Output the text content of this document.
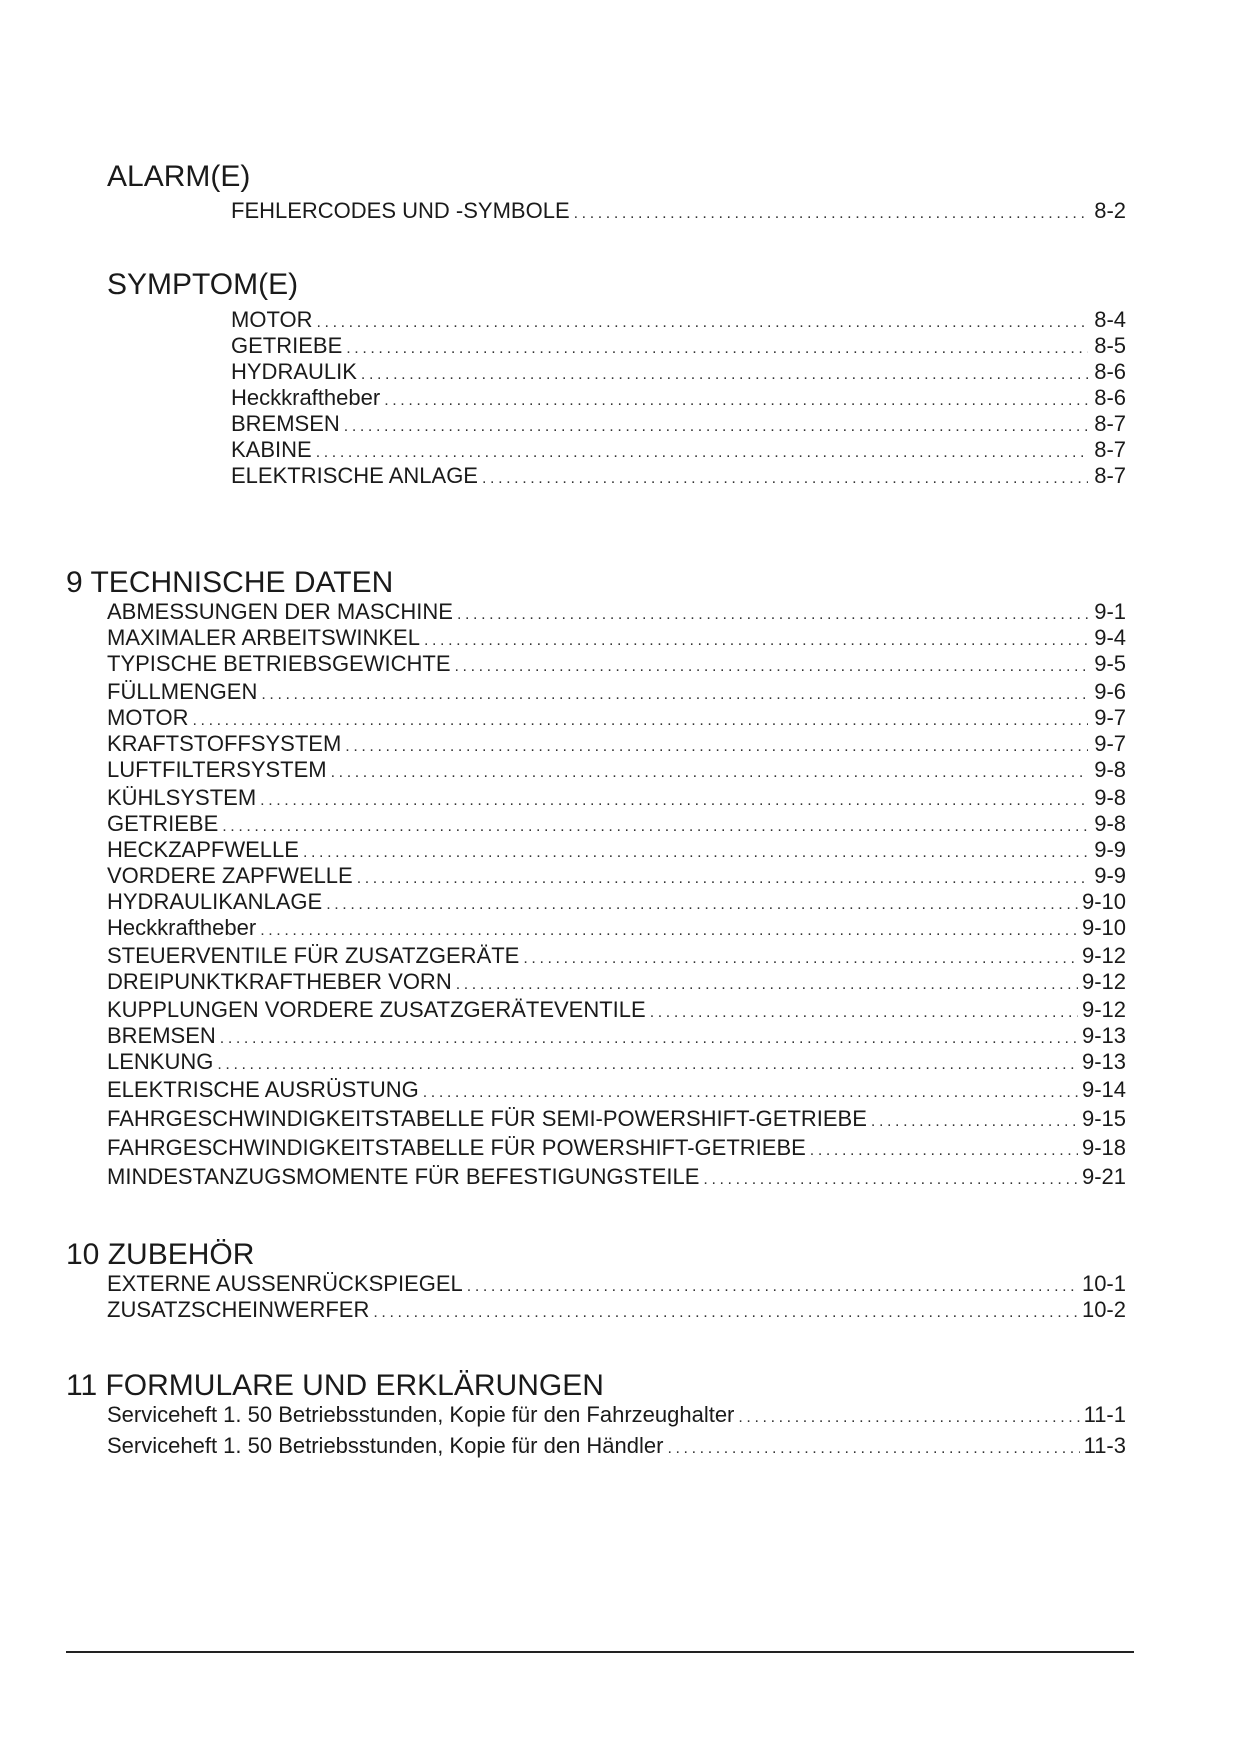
ALARM(E)
FEHLERCODES UND -SYMBOLE .....	8-2
SYMPTOM(E)
MOTOR .....	8-4
GETRIEBE .....	8-5
HYDRAULIK .....	8-6
Heckkraftheber .....	8-6
BREMSEN .....	8-7
KABINE .....	8-7
ELEKTRISCHE ANLAGE .....	8-7
9 TECHNISCHE DATEN
ABMESSUNGEN DER MASCHINE .....	9-1
MAXIMALER ARBEITSWINKEL .....	9-4
TYPISCHE BETRIEBSGEWICHTE .....	9-5
FÜLLMENGEN .....	9-6
MOTOR .....	9-7
KRAFTSTOFFSYSTEM .....	9-7
LUFTFILTERSYSTEM .....	9-8
KÜHLSYSTEM .....	9-8
GETRIEBE .....	9-8
HECKZAPFWELLE .....	9-9
VORDERE ZAPFWELLE .....	9-9
HYDRAULIKANLAGE .....	9-10
Heckkraftheber .....	9-10
STEUERVENTILE FÜR ZUSATZGERÄTE .....	9-12
DREIPUNKTKRAFTHEBER VORN .....	9-12
KUPPLUNGEN VORDERE ZUSATZGERÄTEVENTILE .....	9-12
BREMSEN .....	9-13
LENKUNG .....	9-13
ELEKTRISCHE AUSRÜSTUNG .....	9-14
FAHRGESCHWINDIGKEITSTABELLE FÜR SEMI-POWERSHIFT-GETRIEBE .....	9-15
FAHRGESCHWINDIGKEITSTABELLE FÜR POWERSHIFT-GETRIEBE .....	9-18
MINDESTANZUGSMOMENTE FÜR BEFESTIGUNGSTEILE .....	9-21
10 ZUBEHÖR
EXTERNE AUSSENRÜCKSPIEGEL .....	10-1
ZUSATZSCHEINWERFER .....	10-2
11 FORMULARE UND ERKLÄRUNGEN
Serviceheft 1. 50 Betriebsstunden, Kopie für den Fahrzeughalter .....	11-1
Serviceheft 1. 50 Betriebsstunden, Kopie für den Händler .....	11-3
